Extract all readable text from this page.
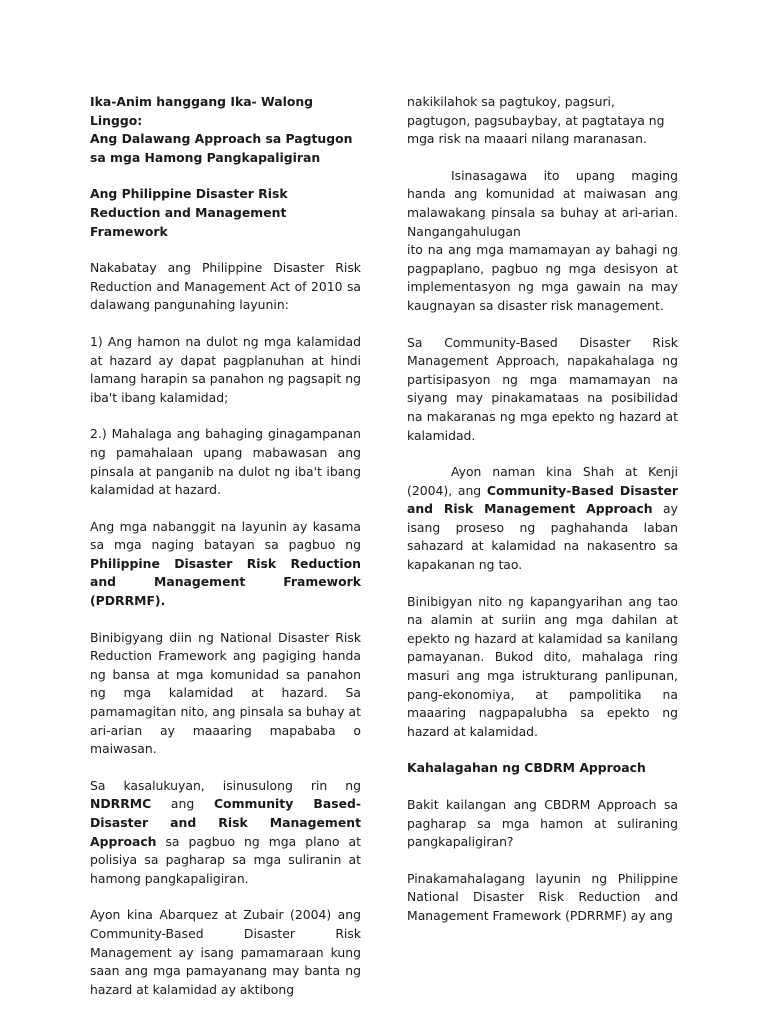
Ika-Anim hanggang Ika- Walong Linggo:
Ang Dalawang Approach sa Pagtugon sa mga Hamong Pangkapaligiran

Ang Philippine Disaster Risk Reduction and Management Framework

Nakabatay ang Philippine Disaster Risk Reduction and Management Act of 2010 sa dalawang pangunahing layunin:

1) Ang hamon na dulot ng mga kalamidad at hazard ay dapat pagplanuhan at hindi lamang harapin sa panahon ng pagsapit ng iba't ibang kalamidad;

2.) Mahalaga ang bahaging ginagampanan ng pamahalaan upang mabawasan ang pinsala at panganib na dulot ng iba't ibang kalamidad at hazard.

Ang mga nabanggit na layunin ay kasama sa mga naging batayan sa pagbuo ng Philippine Disaster Risk Reduction and Management Framework (PDRRMF).

Binibigyang diin ng National Disaster Risk Reduction Framework ang pagiging handa ng bansa at mga komunidad sa panahon ng mga kalamidad at hazard. Sa pamamagitan nito, ang pinsala sa buhay at ari-arian ay maaaring mapababa o maiwasan.

Sa kasalukuyan, isinusulong rin ng NDRRMC ang Community Based- Disaster and Risk Management Approach sa pagbuo ng mga plano at polisiya sa pagharap sa mga suliranin at hamong pangkapaligiran.

Ayon kina Abarquez at Zubair (2004) ang Community-Based Disaster Risk Management ay isang pamamaraan kung saan ang mga pamayanang may banta ng hazard at kalamidad ay aktibong

nakikilahok sa pagtukoy, pagsuri, pagtugon, pagsubaybay, at pagtataya ng mga risk na maaari nilang maranasan.

Isinasagawa ito upang maging handa ang komunidad at maiwasan ang malawakang pinsala sa buhay at ari-arian. Nangangahulugan
ito na ang mga mamamayan ay bahagi ng pagpaplano, pagbuo ng mga desisyon at implementasyon ng mga gawain na may kaugnayan sa disaster risk management.

Sa Community-Based Disaster Risk Management Approach, napakahalaga ng partisipasyon ng mga mamamayan na siyang may pinakamataas na posibilidad na makaranas ng mga epekto ng hazard at kalamidad.

Ayon naman kina Shah at Kenji (2004), ang Community-Based Disaster and Risk Management Approach ay isang proseso ng paghahanda laban sahazard at kalamidad na nakasentro sa kapakanan ng tao.

Binibigyan nito ng kapangyarihan ang tao na alamin at suriin ang mga dahilan at epekto ng hazard at kalamidad sa kanilang pamayanan. Bukod dito, mahalaga ring masuri ang mga istrukturang panlipunan, pang-ekonomiya, at pampolitika na maaaring nagpapalubha sa epekto ng hazard at kalamidad.

Kahalagahan ng CBDRM Approach

Bakit kailangan ang CBDRM Approach sa pagharap sa mga hamon at suliraning pangkapaligiran?

Pinakamahalagang layunin ng Philippine National Disaster Risk Reduction and Management Framework (PDRRMF) ay ang
